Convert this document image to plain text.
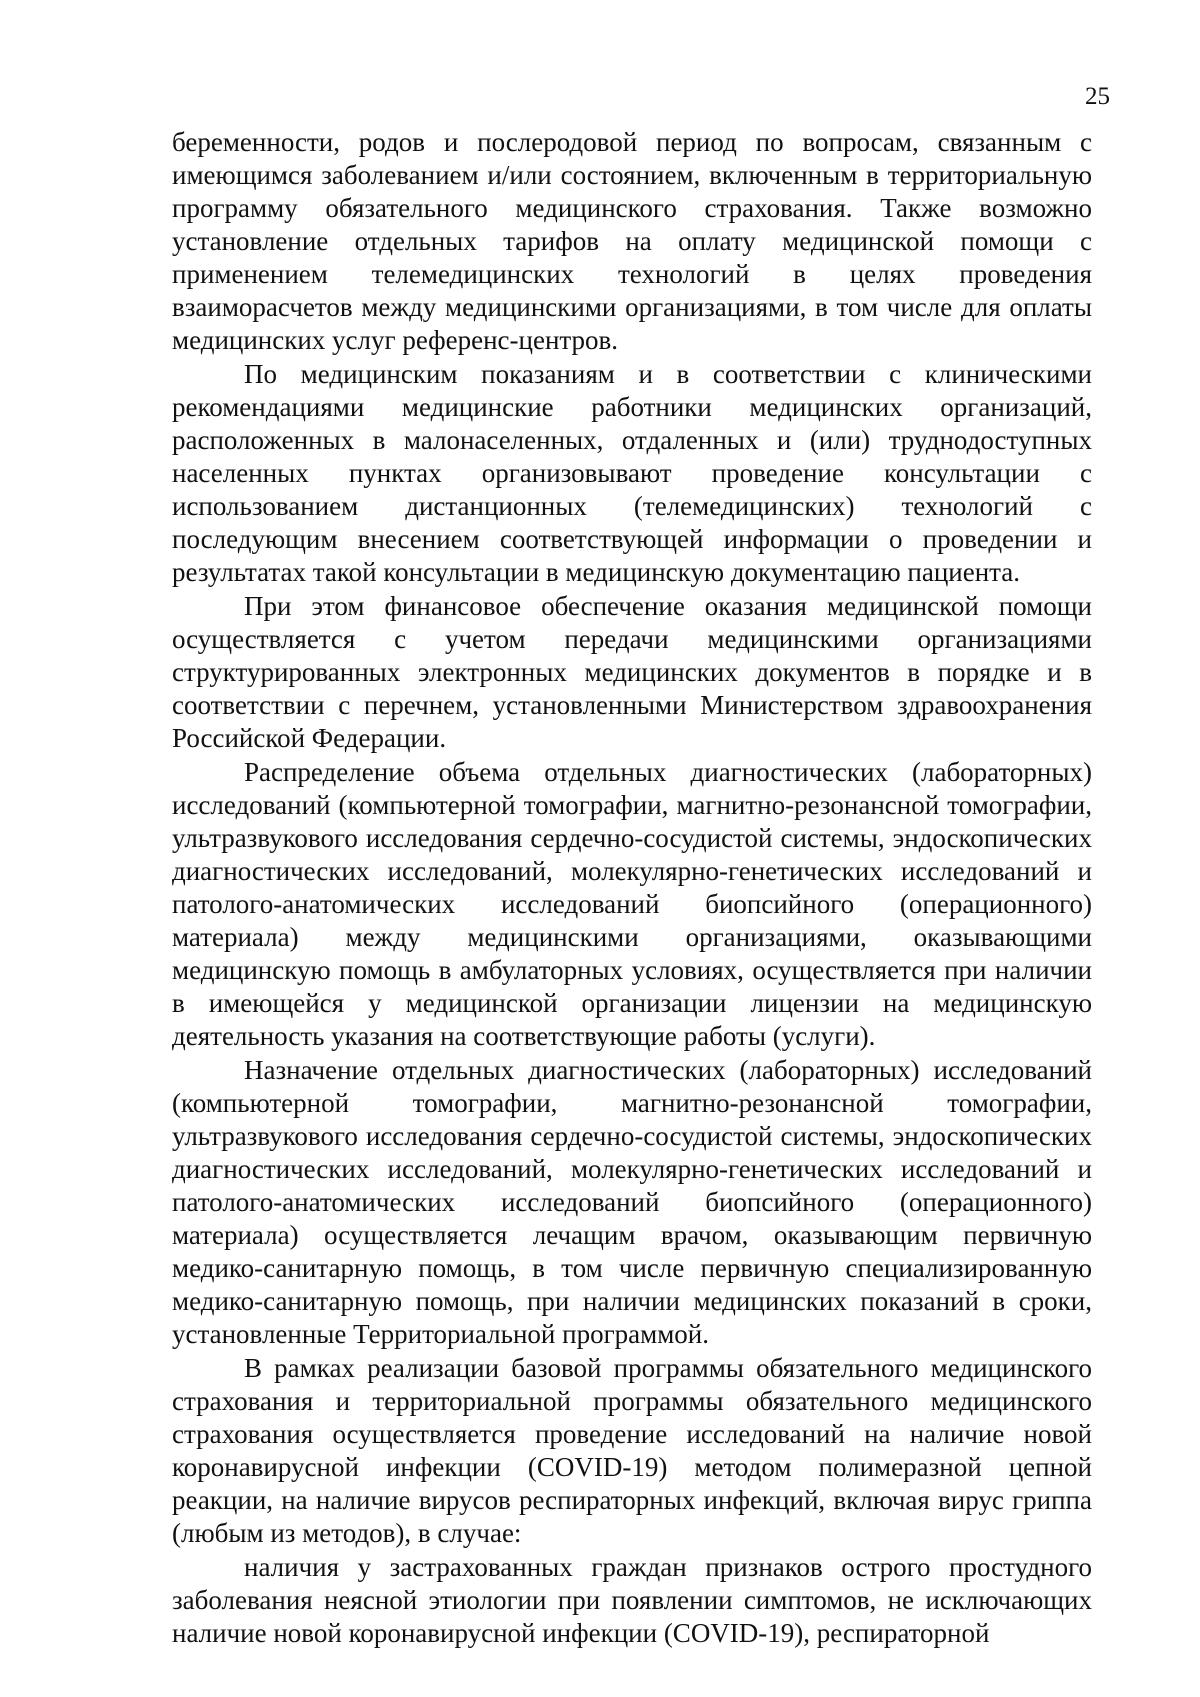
25

беременности, родов и послеродовой период по вопросам, связанным с имеющимся заболеванием и/или состоянием, включенным в территориальную программу обязательного медицинского страхования. Также возможно установление отдельных тарифов на оплату медицинской помощи с применением телемедицинских технологий в целях проведения взаиморасчетов между медицинскими организациями, в том числе для оплаты медицинских услуг референс-центров.

По медицинским показаниям и в соответствии с клиническими рекомендациями медицинские работники медицинских организаций, расположенных в малонаселенных, отдаленных и (или) труднодоступных населенных пунктах организовывают проведение консультации с использованием дистанционных (телемедицинских) технологий с последующим внесением соответствующей информации о проведении и результатах такой консультации в медицинскую документацию пациента.

При этом финансовое обеспечение оказания медицинской помощи осуществляется с учетом передачи медицинскими организациями структурированных электронных медицинских документов в порядке и в соответствии с перечнем, установленными Министерством здравоохранения Российской Федерации.

Распределение объема отдельных диагностических (лабораторных) исследований (компьютерной томографии, магнитно-резонансной томографии, ультразвукового исследования сердечно-сосудистой системы, эндоскопических диагностических исследований, молекулярно-генетических исследований и патолого-анатомических исследований биопсийного (операционного) материала) между медицинскими организациями, оказывающими медицинскую помощь в амбулаторных условиях, осуществляется при наличии в имеющейся у медицинской организации лицензии на медицинскую деятельность указания на соответствующие работы (услуги).

Назначение отдельных диагностических (лабораторных) исследований (компьютерной томографии, магнитно-резонансной томографии, ультразвукового исследования сердечно-сосудистой системы, эндоскопических диагностических исследований, молекулярно-генетических исследований и патолого-анатомических исследований биопсийного (операционного) материала) осуществляется лечащим врачом, оказывающим первичную медико-санитарную помощь, в том числе первичную специализированную медико-санитарную помощь, при наличии медицинских показаний в сроки, установленные Территориальной программой.

В рамках реализации базовой программы обязательного медицинского страхования и территориальной программы обязательного медицинского страхования осуществляется проведение исследований на наличие новой коронавирусной инфекции (COVID-19) методом полимеразной цепной реакции, на наличие вирусов респираторных инфекций, включая вирус гриппа (любым из методов), в случае:

наличия у застрахованных граждан признаков острого простудного заболевания неясной этиологии при появлении симптомов, не исключающих наличие новой коронавирусной инфекции (COVID-19), респираторной
